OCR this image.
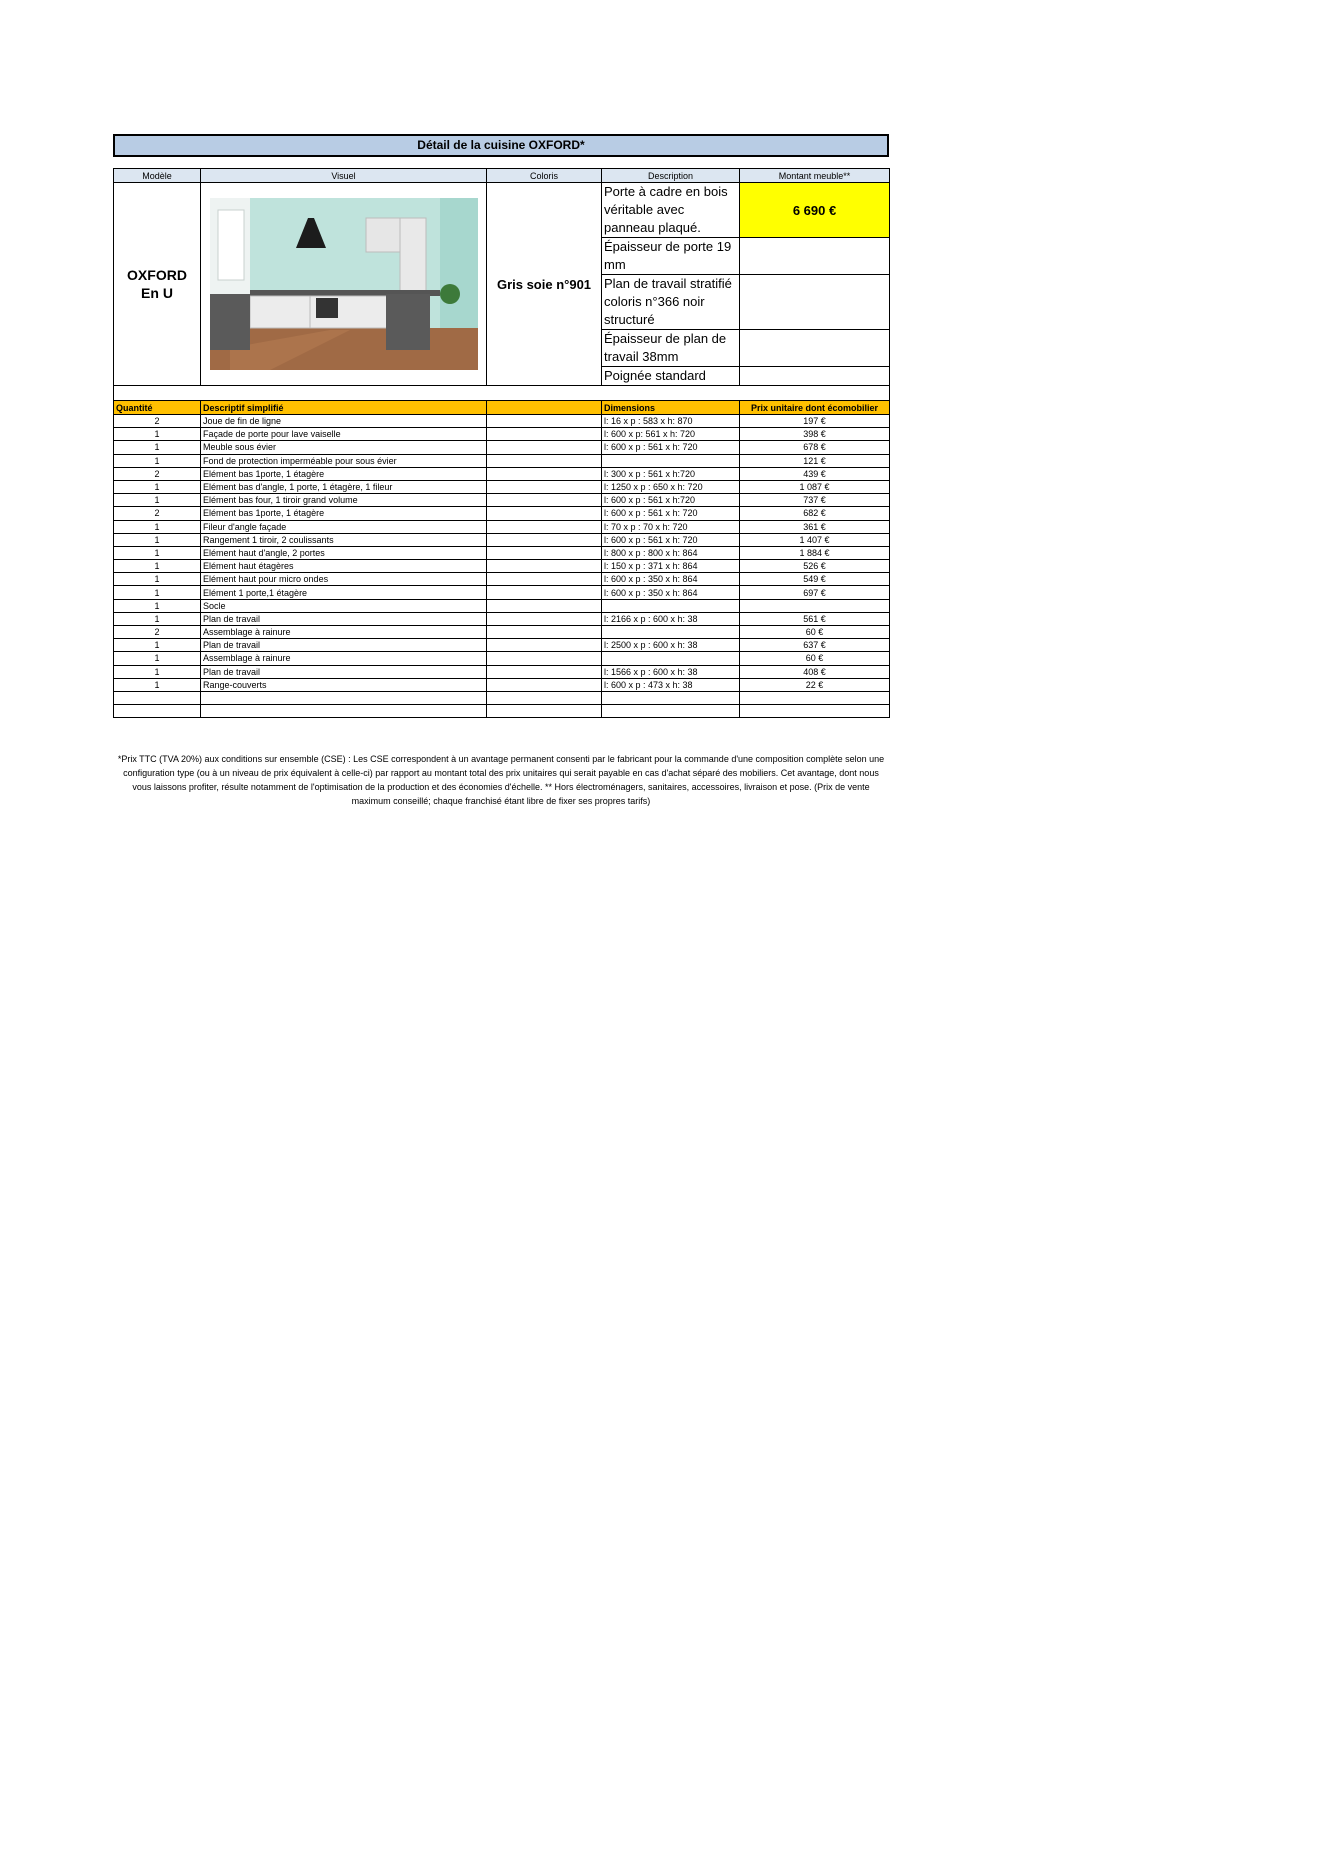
Détail de la cuisine OXFORD*
Modèle	Visuel	Coloris	Description	Montant meuble**

OXFORD
En U		Gris soie n°901	Porte à cadre en bois véritable avec panneau plaqué.	6 690 €
			Épaisseur de porte 19 mm	
			Plan de travail stratifié coloris n°366 noir structuré	
			Épaisseur de plan de travail 38mm	
			Poignée standard	

Quantité	Descriptif simplifié		Dimensions	Prix unitaire dont écomobilier
2	Joue de fin de ligne		l: 16 x p : 583 x h: 870	197 €
1	Façade de porte pour lave vaiselle		l: 600 x p: 561 x h: 720	398 €
1	Meuble sous évier		l: 600 x p : 561 x h: 720	678 €
1	Fond de protection imperméable pour sous évier			121 €
2	Elément bas 1porte, 1 étagère		l: 300 x p : 561 x h:720	439 €
1	Elément bas d'angle, 1 porte, 1 étagère, 1 fileur		l: 1250 x p : 650 x h: 720	1 087 €
1	Elément bas four, 1 tiroir grand volume		l: 600 x p : 561 x h:720	737 €
2	Elément bas 1porte, 1 étagère		l: 600 x p : 561 x h: 720	682 €
1	Fileur d'angle façade		l: 70 x p : 70 x h: 720	361 €
1	Rangement 1 tiroir, 2 coulissants		l: 600 x p : 561 x h: 720	1 407 €
1	Elément haut d'angle, 2 portes		l: 800 x p : 800 x h: 864	1 884 €
1	Elément haut étagères		l: 150 x p : 371 x h: 864	526 €
1	Elément haut pour micro ondes		l: 600 x p : 350 x h: 864	549 €
1	Elément 1 porte,1 étagère		l: 600 x p : 350 x h: 864	697 €
1	Socle			
1	Plan de travail		l: 2166 x p : 600 x h: 38	561 €
2	Assemblage à rainure			60 €
1	Plan de travail		l: 2500 x p : 600 x h: 38	637 €
1	Assemblage à rainure			60 €
1	Plan de travail		l: 1566 x p : 600 x h: 38	408 €
1	Range-couverts		l: 600 x p : 473 x h: 38	22 €

*Prix TTC (TVA 20%) aux conditions sur ensemble (CSE) : Les CSE correspondent à un avantage permanent consenti par le fabricant pour la commande d'une composition complète selon une configuration type (ou à un niveau de prix équivalent à celle-ci) par rapport au montant total des prix unitaires qui serait payable en cas d'achat séparé des mobiliers. Cet avantage, dont nous vous laissons profiter, résulte notamment de l'optimisation de la production et des économies d'échelle. ** Hors électroménagers, sanitaires, accessoires, livraison et pose. (Prix de vente maximum conseillé; chaque franchisé étant libre de fixer ses propres tarifs)
